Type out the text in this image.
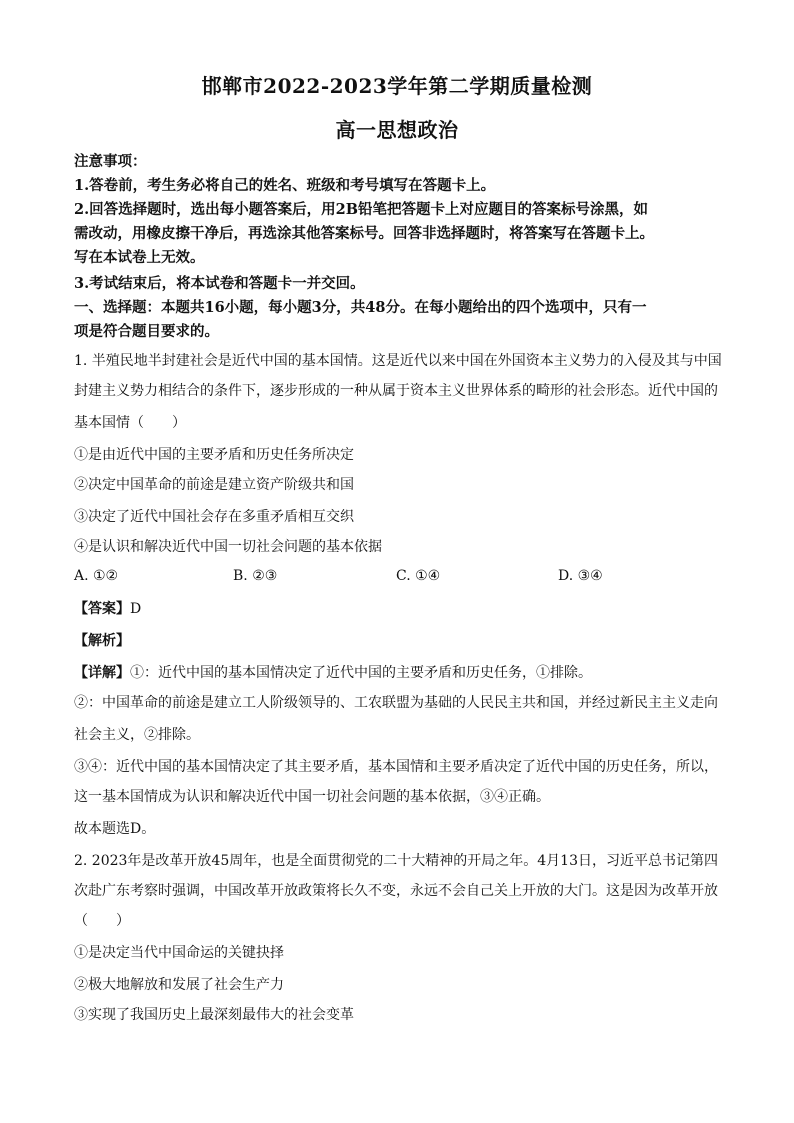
邯郸市2022-2023学年第二学期质量检测
高一思想政治
注意事项：
1.答卷前，考生务必将自己的姓名、班级和考号填写在答题卡上。
2.回答选择题时，选出每小题答案后，用2B铅笔把答题卡上对应题目的答案标号涂黑，如
需改动，用橡皮擦干净后，再选涂其他答案标号。回答非选择题时，将答案写在答题卡上。
写在本试卷上无效。
3.考试结束后，将本试卷和答题卡一并交回。
一、选择题：本题共16小题，每小题3分，共48分。在每小题给出的四个选项中，只有一
项是符合题目要求的。
1. 半殖民地半封建社会是近代中国的基本国情。这是近代以来中国在外国资本主义势力的入侵及其与中国
封建主义势力相结合的条件下，逐步形成的一种从属于资本主义世界体系的畸形的社会形态。近代中国的
基本国情（　　）
①是由近代中国的主要矛盾和历史任务所决定
②决定中国革命的前途是建立资产阶级共和国
③决定了近代中国社会存在多重矛盾相互交织
④是认识和解决近代中国一切社会问题的基本依据
A. ①②	B. ②③	C. ①④	D. ③④
【答案】D
【解析】
【详解】①：近代中国的基本国情决定了近代中国的主要矛盾和历史任务，①排除。
②：中国革命的前途是建立工人阶级领导的、工农联盟为基础的人民民主共和国，并经过新民主主义走向
社会主义，②排除。
③④：近代中国的基本国情决定了其主要矛盾，基本国情和主要矛盾决定了近代中国的历史任务，所以，
这一基本国情成为认识和解决近代中国一切社会问题的基本依据，③④正确。
故本题选D。
2. 2023年是改革开放45周年，也是全面贯彻党的二十大精神的开局之年。4月13日，习近平总书记第四
次赴广东考察时强调，中国改革开放政策将长久不变，永远不会自己关上开放的大门。这是因为改革开放
（　　）
①是决定当代中国命运的关键抉择
②极大地解放和发展了社会生产力
③实现了我国历史上最深刻最伟大的社会变革
